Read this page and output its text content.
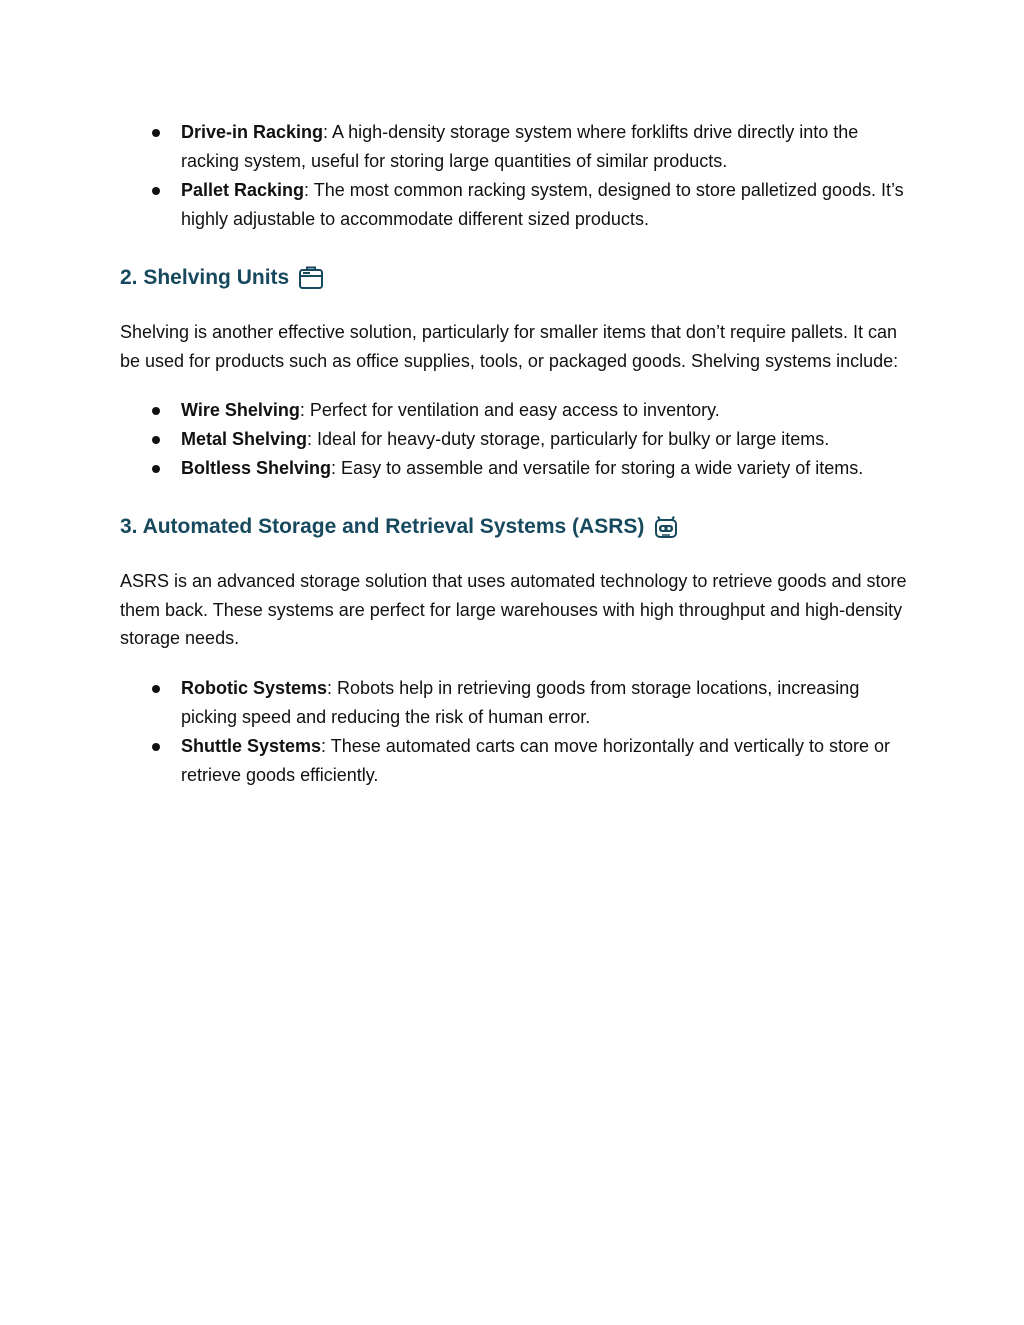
Drive-in Racking: A high-density storage system where forklifts drive directly into the racking system, useful for storing large quantities of similar products.
Pallet Racking: The most common racking system, designed to store palletized goods. It’s highly adjustable to accommodate different sized products.
2. Shelving Units

Shelving is another effective solution, particularly for smaller items that don’t require pallets. It can be used for products such as office supplies, tools, or packaged goods. Shelving systems include:

Wire Shelving: Perfect for ventilation and easy access to inventory.
Metal Shelving: Ideal for heavy-duty storage, particularly for bulky or large items.
Boltless Shelving: Easy to assemble and versatile for storing a wide variety of items.
3. Automated Storage and Retrieval Systems (ASRS)

ASRS is an advanced storage solution that uses automated technology to retrieve goods and store them back. These systems are perfect for large warehouses with high throughput and high-density storage needs.

Robotic Systems: Robots help in retrieving goods from storage locations, increasing picking speed and reducing the risk of human error.
Shuttle Systems: These automated carts can move horizontally and vertically to store or retrieve goods efficiently.
